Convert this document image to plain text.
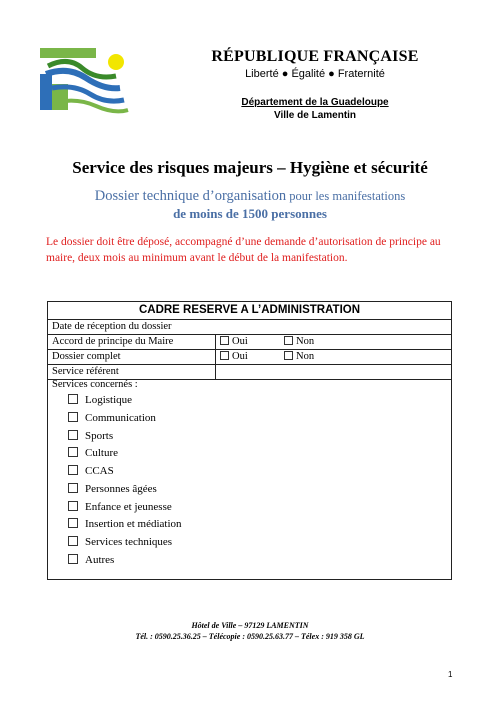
RÉPUBLIQUE FRANÇAISE
Liberté ● Égalité ● Fraternité
Département de la Guadeloupe
Ville de Lamentin
Service des risques majeurs – Hygiène et sécurité
Dossier technique d’organisation pour les manifestations
de moins de 1500 personnes
Le dossier doit être déposé, accompagné d’une demande d’autorisation de principe au maire, deux mois au minimum avant le début de la manifestation.
CADRE RESERVE A L’ADMINISTRATION
Date de réception du dossier
Accord de principe du Maire	Oui	Non
Dossier complet	Oui	Non
Service référent
Services concernés :
Logistique
Communication
Sports
Culture
CCAS
Personnes âgées
Enfance et jeunesse
Insertion et médiation
Services techniques
Autres
Hôtel de Ville – 97129 LAMENTIN
Tél. : 0590.25.36.25 – Télécopie : 0590.25.63.77 – Télex : 919 358 GL
1
